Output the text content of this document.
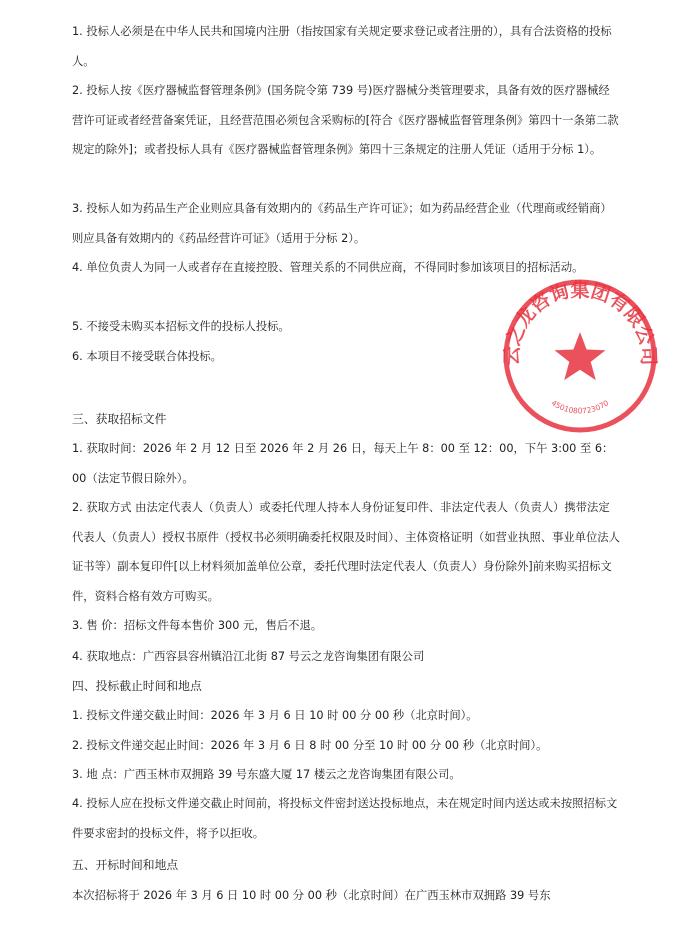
1. 投标人必须是在中华人民共和国境内注册（指按国家有关规定要求登记或者注册的），具有合法资格的投标人。

2. 投标人按《医疗器械监督管理条例》(国务院令第 739 号)医疗器械分类管理要求，具备有效的医疗器械经营许可证或者经营备案凭证，且经营范围必须包含采购标的[符合《医疗器械监督管理条例》第四十一条第二款规定的除外]；或者投标人具有《医疗器械监督管理条例》第四十三条规定的注册人凭证（适用于分标 1）。

3. 投标人如为药品生产企业则应具备有效期内的《药品生产许可证》；如为药品经营企业（代理商或经销商）则应具备有效期内的《药品经营许可证》（适用于分标 2）。

4. 单位负责人为同一人或者存在直接控股、管理关系的不同供应商，不得同时参加该项目的招标活动。

5. 不接受未购买本招标文件的投标人投标。

6. 本项目不接受联合体投标。

三、获取招标文件

1. 获取时间：2026 年 2 月 12 日至 2026 年 2 月 26 日，每天上午 8：00 至 12：00，下午 3:00 至 6：00（法定节假日除外）。

2. 获取方式 由法定代表人（负责人）或委托代理人持本人身份证复印件、非法定代表人（负责人）携带法定代表人（负责人）授权书原件（授权书必须明确委托权限及时间）、主体资格证明（如营业执照、事业单位法人证书等）副本复印件[以上材料须加盖单位公章，委托代理时法定代表人（负责人）身份除外]前来购买招标文件，资料合格有效方可购买。

3. 售 价：招标文件每本售价 300 元，售后不退。

4. 获取地点：广西容县容州镇沿江北街 87 号云之龙咨询集团有限公司

四、投标截止时间和地点

1. 投标文件递交截止时间：2026 年 3 月 6 日 10 时 00 分 00 秒（北京时间）。

2. 投标文件递交起止时间：2026 年 3 月 6 日 8 时 00 分至 10 时 00 分 00 秒（北京时间）。

3. 地 点：广西玉林市双拥路 39 号东盛大厦 17 楼云之龙咨询集团有限公司。

4. 投标人应在投标文件递交截止时间前，将投标文件密封送达投标地点，未在规定时间内送达或未按照招标文件要求密封的投标文件，将予以拒收。

五、开标时间和地点

本次招标将于 2026 年 3 月 6 日 10 时 00 分 00 秒（北京时间）在广西玉林市双拥路 39 号东

云之龙咨询集团有限公司
4501080723070
